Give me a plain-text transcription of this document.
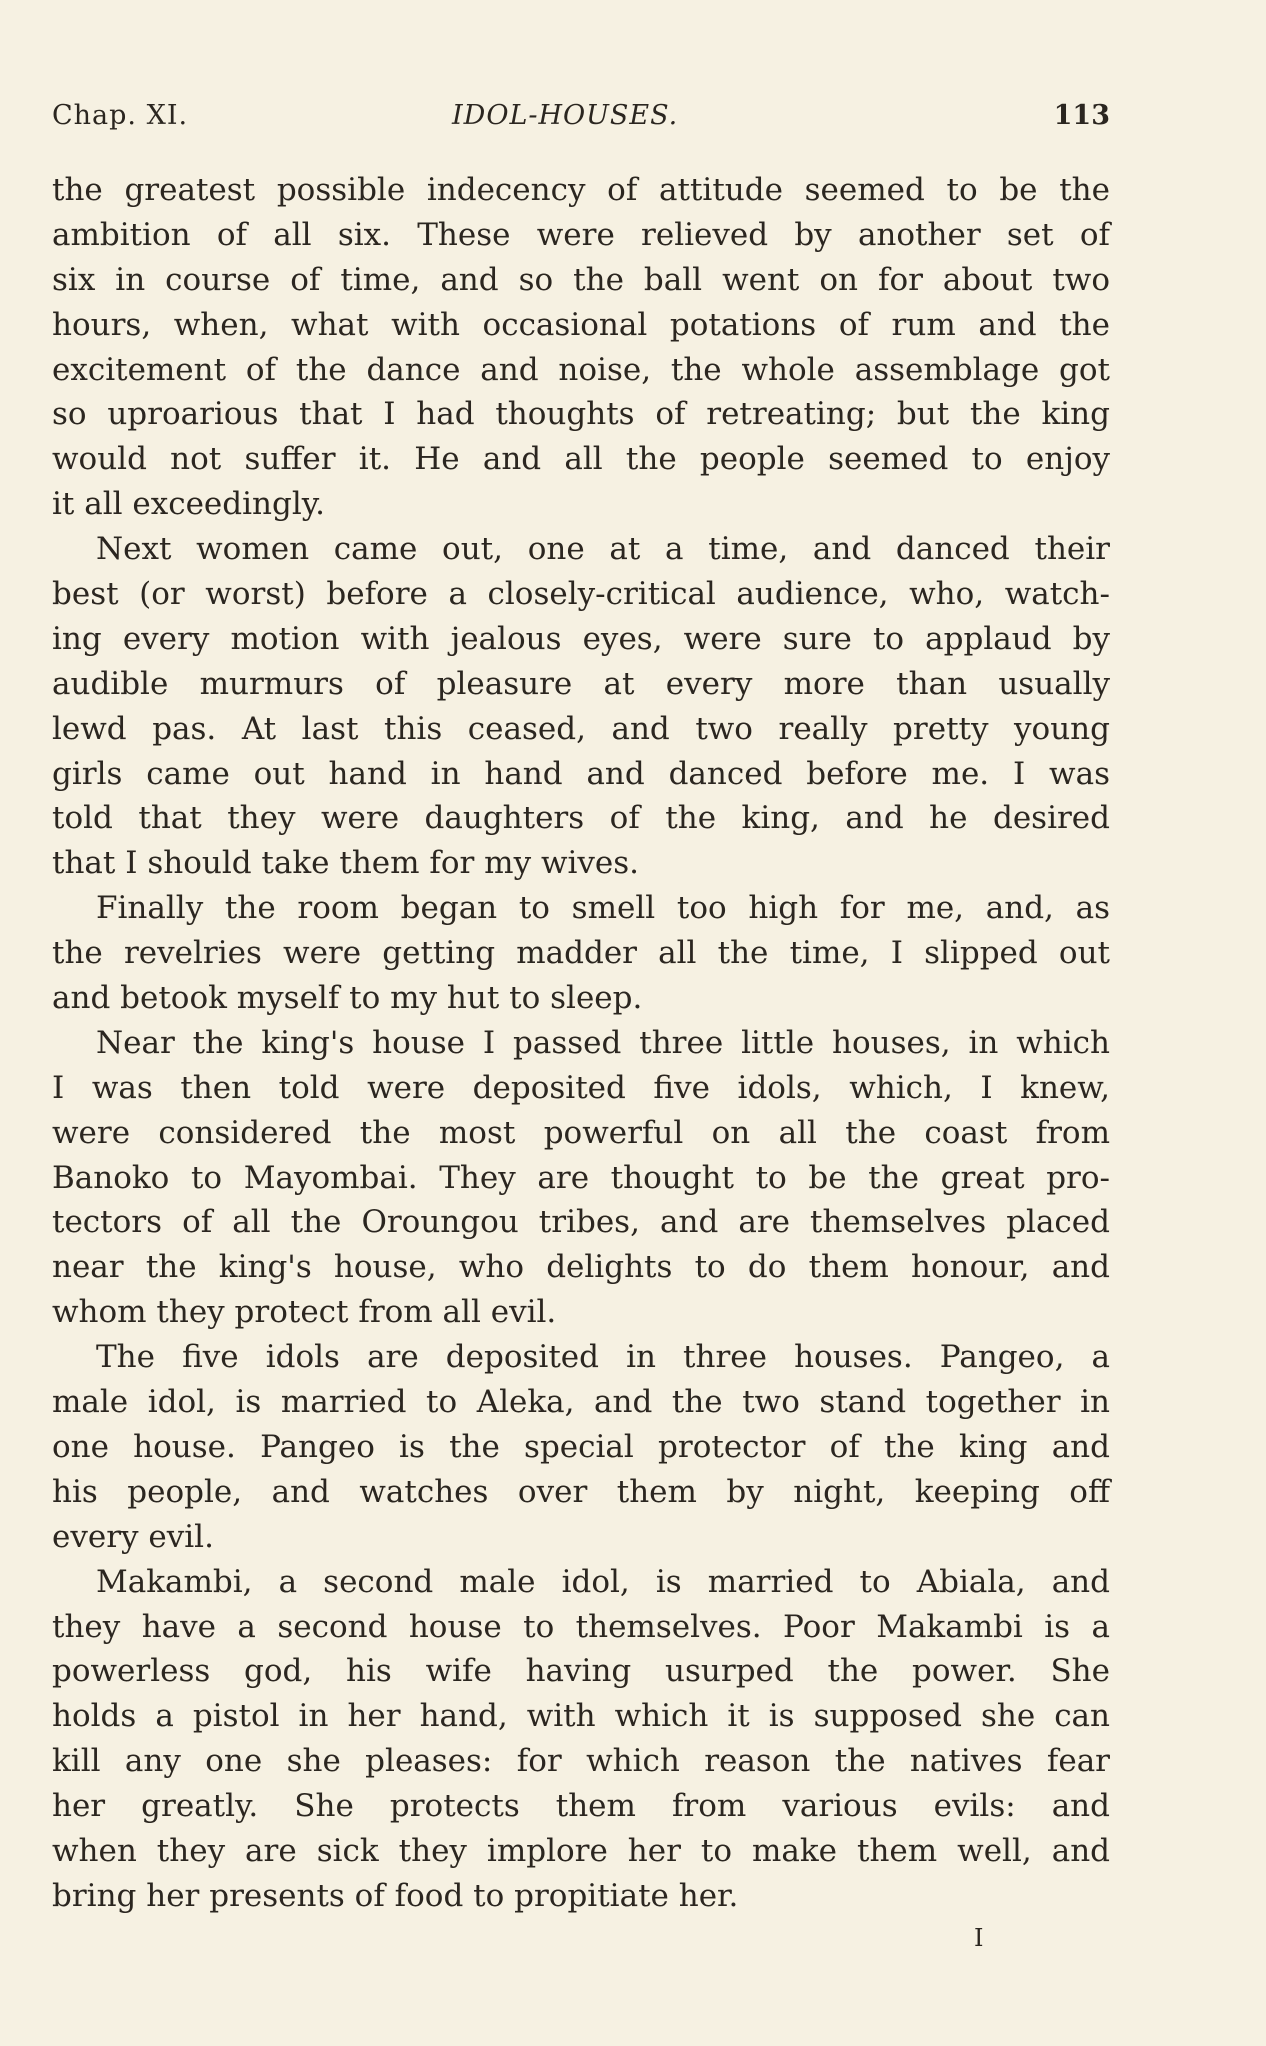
Chap. XI.	IDOL-HOUSES.	113
the greatest possible indecency of attitude seemed to be the
ambition of all six. These were relieved by another set of
six in course of time, and so the ball went on for about two
hours, when, what with occasional potations of rum and the
excitement of the dance and noise, the whole assemblage got
so uproarious that I had thoughts of retreating; but the king
would not suffer it. He and all the people seemed to enjoy
it all exceedingly.
Next women came out, one at a time, and danced their
best (or worst) before a closely-critical audience, who, watch-
ing every motion with jealous eyes, were sure to applaud by
audible murmurs of pleasure at every more than usually
lewd pas. At last this ceased, and two really pretty young
girls came out hand in hand and danced before me. I was
told that they were daughters of the king, and he desired
that I should take them for my wives.
Finally the room began to smell too high for me, and, as
the revelries were getting madder all the time, I slipped out
and betook myself to my hut to sleep.
Near the king's house I passed three little houses, in which
I was then told were deposited five idols, which, I knew,
were considered the most powerful on all the coast from
Banoko to Mayombai. They are thought to be the great pro-
tectors of all the Oroungou tribes, and are themselves placed
near the king's house, who delights to do them honour, and
whom they protect from all evil.
The five idols are deposited in three houses. Pangeo, a
male idol, is married to Aleka, and the two stand together in
one house. Pangeo is the special protector of the king and
his people, and watches over them by night, keeping off
every evil.
Makambi, a second male idol, is married to Abiala, and
they have a second house to themselves. Poor Makambi is a
powerless god, his wife having usurped the power. She
holds a pistol in her hand, with which it is supposed she can
kill any one she pleases: for which reason the natives fear
her greatly. She protects them from various evils: and
when they are sick they implore her to make them well, and
bring her presents of food to propitiate her.
I
